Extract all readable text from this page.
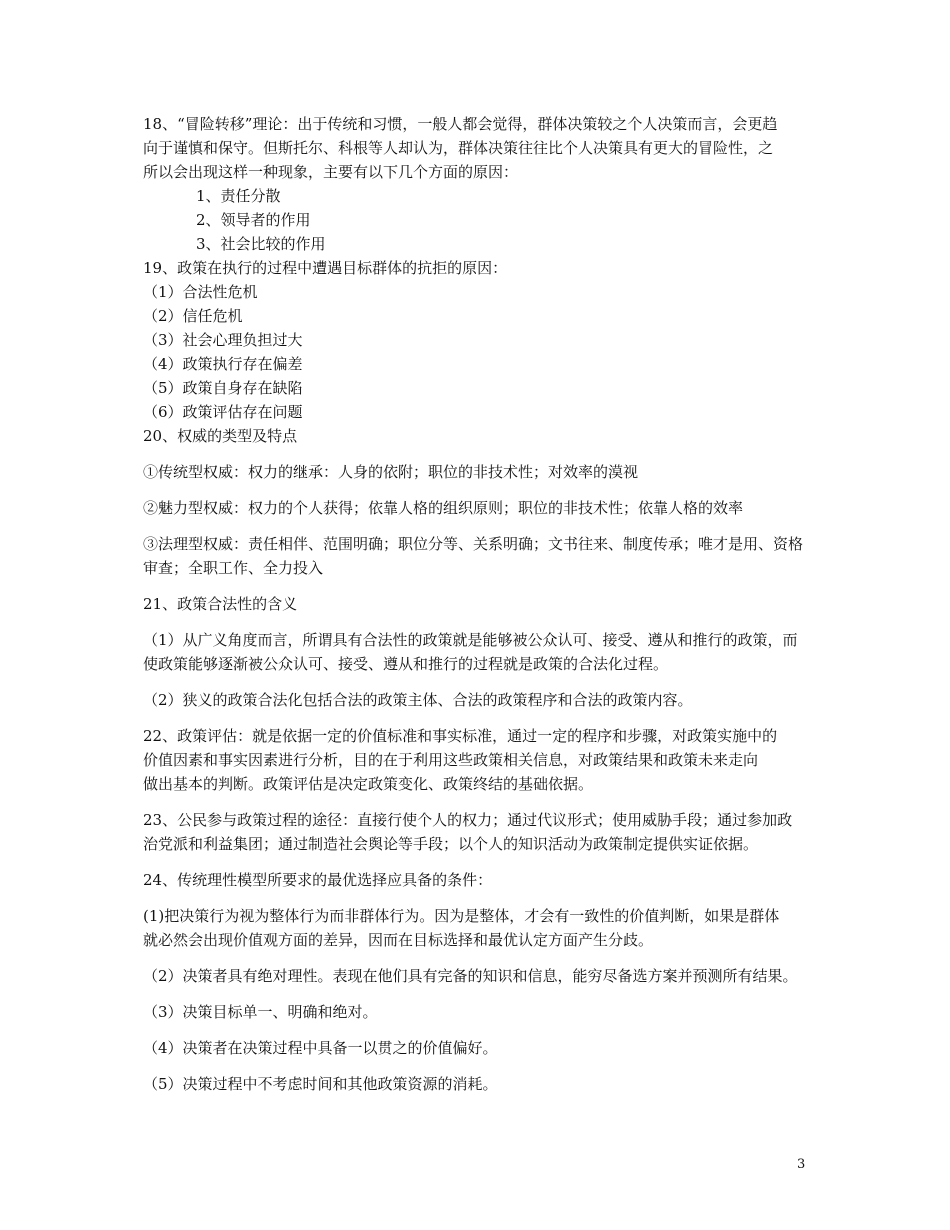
18、“冒险转移”理论：出于传统和习惯，一般人都会觉得，群体决策较之个人决策而言，会更趋
向于谨慎和保守。但斯托尔、科根等人却认为，群体决策往往比个人决策具有更大的冒险性，之
所以会出现这样一种现象，主要有以下几个方面的原因：
1、责任分散
2、领导者的作用
3、社会比较的作用
19、政策在执行的过程中遭遇目标群体的抗拒的原因：
（1）合法性危机
（2）信任危机
（3）社会心理负担过大
（4）政策执行存在偏差
（5）政策自身存在缺陷
（6）政策评估存在问题
20、权威的类型及特点
①传统型权威：权力的继承：人身的依附；职位的非技术性；对效率的漠视
②魅力型权威：权力的个人获得；依靠人格的组织原则；职位的非技术性；依靠人格的效率
③法理型权威：责任相伴、范围明确；职位分等、关系明确；文书往来、制度传承；唯才是用、资格
审查；全职工作、全力投入
21、政策合法性的含义
（1）从广义角度而言，所谓具有合法性的政策就是能够被公众认可、接受、遵从和推行的政策，而
使政策能够逐渐被公众认可、接受、遵从和推行的过程就是政策的合法化过程。
（2）狭义的政策合法化包括合法的政策主体、合法的政策程序和合法的政策内容。
22、政策评估：就是依据一定的价值标准和事实标准，通过一定的程序和步骤，对政策实施中的
价值因素和事实因素进行分析，目的在于利用这些政策相关信息，对政策结果和政策未来走向
做出基本的判断。政策评估是决定政策变化、政策终结的基础依据。
23、公民参与政策过程的途径：直接行使个人的权力；通过代议形式；使用威胁手段；通过参加政
治党派和利益集团；通过制造社会舆论等手段；以个人的知识活动为政策制定提供实证依据。
24、传统理性模型所要求的最优选择应具备的条件：
(1)把决策行为视为整体行为而非群体行为。因为是整体，才会有一致性的价值判断，如果是群体
就必然会出现价值观方面的差异，因而在目标选择和最优认定方面产生分歧。
（2）决策者具有绝对理性。表现在他们具有完备的知识和信息，能穷尽备选方案并预测所有结果。
（3）决策目标单一、明确和绝对。
（4）决策者在决策过程中具备一以贯之的价值偏好。
（5）决策过程中不考虑时间和其他政策资源的消耗。
3
